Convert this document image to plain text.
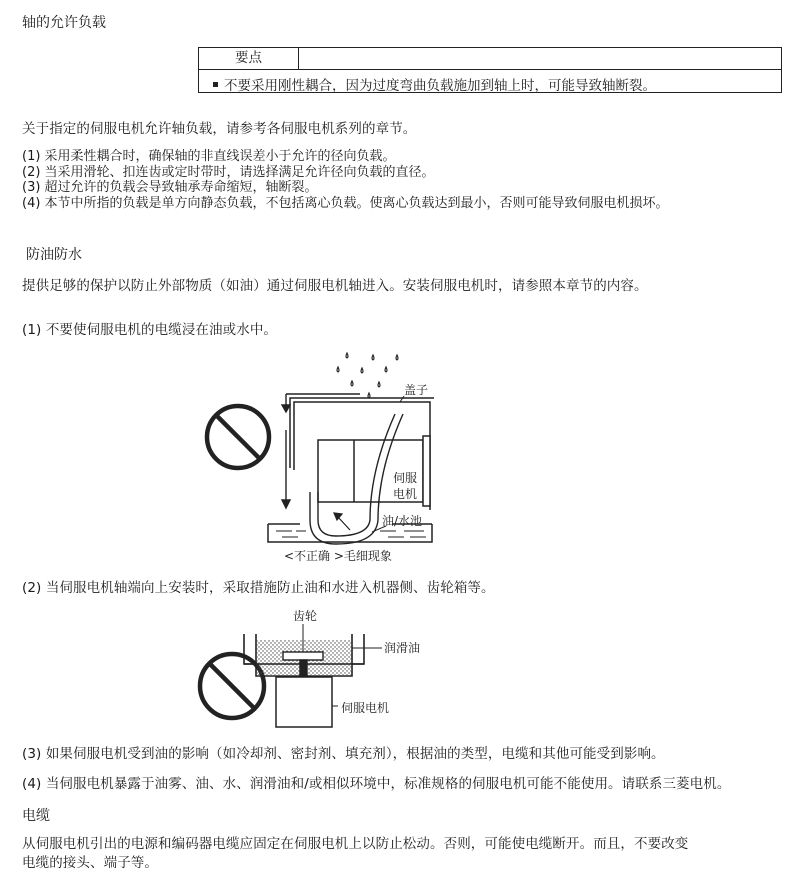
轴的允许负载
要点
不要采用刚性耦合，因为过度弯曲负载施加到轴上时，可能导致轴断裂。
关于指定的伺服电机允许轴负载，请参考各伺服电机系列的章节。
(1) 采用柔性耦合时，确保轴的非直线误差小于允许的径向负载。
(2) 当采用滑轮、扣连齿或定时带时，请选择满足允许径向负载的直径。
(3) 超过允许的负载会导致轴承寿命缩短，轴断裂。
(4) 本节中所指的负载是单方向静态负载，不包括离心负载。使离心负载达到最小，否则可能导致伺服电机损坏。
防油防水
提供足够的保护以防止外部物质（如油）通过伺服电机轴进入。安装伺服电机时，请参照本章节的内容。
(1) 不要使伺服电机的电缆浸在油或水中。
盖子
伺服
电机
油/水池
<不正确 >毛细现象
齿轮
润滑油
伺服电机
(2) 当伺服电机轴端向上安装时，采取措施防止油和水进入机器侧、齿轮箱等。
(3) 如果伺服电机受到油的影响（如冷却剂、密封剂、填充剂），根据油的类型，电缆和其他可能受到影响。
(4) 当伺服电机暴露于油雾、油、水、润滑油和/或相似环境中，标准规格的伺服电机可能不能使用。请联系三菱电机。
电缆
从伺服电机引出的电源和编码器电缆应固定在伺服电机上以防止松动。否则，可能使电缆断开。而且，不要改变
电缆的接头、端子等。
